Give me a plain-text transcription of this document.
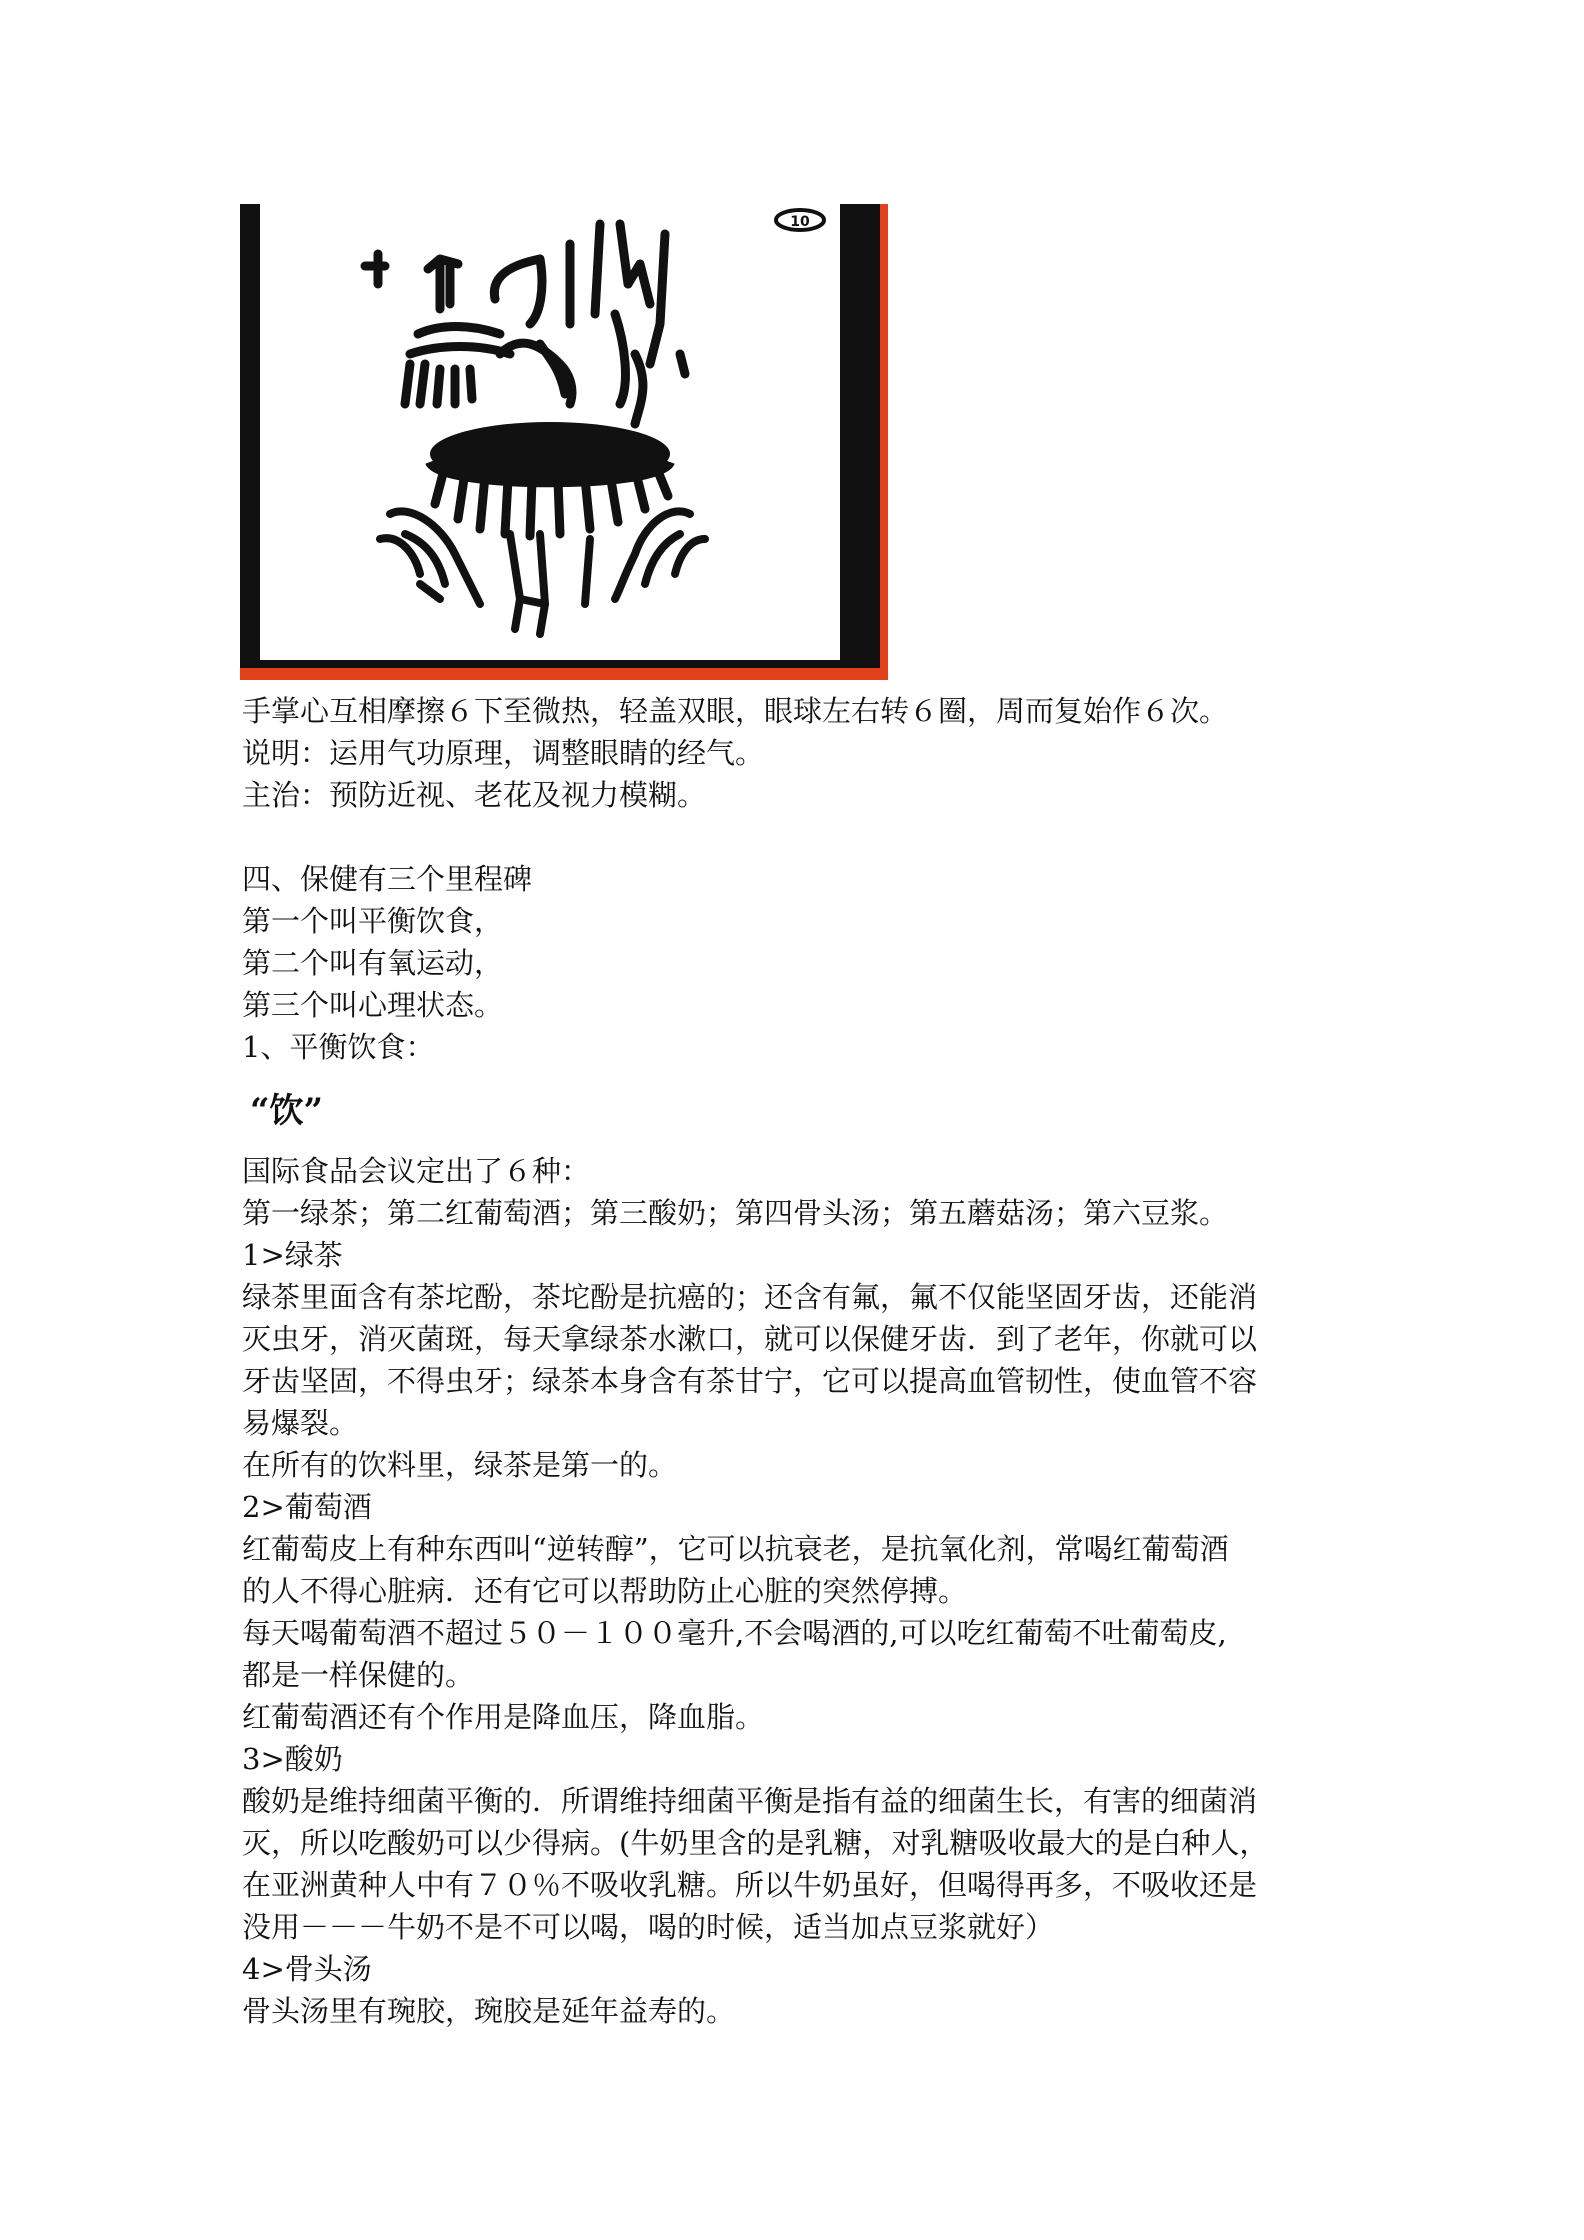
10
手掌心互相摩擦６下至微热，轻盖双眼，眼球左右转６圈，周而复始作６次。
说明：运用气功原理，调整眼睛的经气。
主治：预防近视、老花及视力模糊。
四、保健有三个里程碑
第一个叫平衡饮食，
第二个叫有氧运动，
第三个叫心理状态。
1、平衡饮食：
“饮”
国际食品会议定出了６种：
第一绿茶；第二红葡萄酒；第三酸奶；第四骨头汤；第五蘑菇汤；第六豆浆。
1>绿茶
绿茶里面含有茶坨酚，茶坨酚是抗癌的；还含有氟，氟不仅能坚固牙齿，还能消
灭虫牙，消灭菌斑，每天拿绿茶水漱口，就可以保健牙齿．到了老年，你就可以
牙齿坚固，不得虫牙；绿茶本身含有茶甘宁，它可以提高血管韧性，使血管不容
易爆裂。
在所有的饮料里，绿茶是第一的。
2>葡萄酒
红葡萄皮上有种东西叫“逆转醇”，它可以抗衰老，是抗氧化剂，常喝红葡萄酒
的人不得心脏病．还有它可以帮助防止心脏的突然停搏。
每天喝葡萄酒不超过５０－１００毫升,不会喝酒的,可以吃红葡萄不吐葡萄皮,
都是一样保健的。
红葡萄酒还有个作用是降血压，降血脂。
3>酸奶
酸奶是维持细菌平衡的．所谓维持细菌平衡是指有益的细菌生长，有害的细菌消
灭，所以吃酸奶可以少得病。(牛奶里含的是乳糖，对乳糖吸收最大的是白种人，
在亚洲黄种人中有７０％不吸收乳糖。所以牛奶虽好，但喝得再多，不吸收还是
没用－－－牛奶不是不可以喝，喝的时候，适当加点豆浆就好）
4>骨头汤
骨头汤里有琬胶，琬胶是延年益寿的。
